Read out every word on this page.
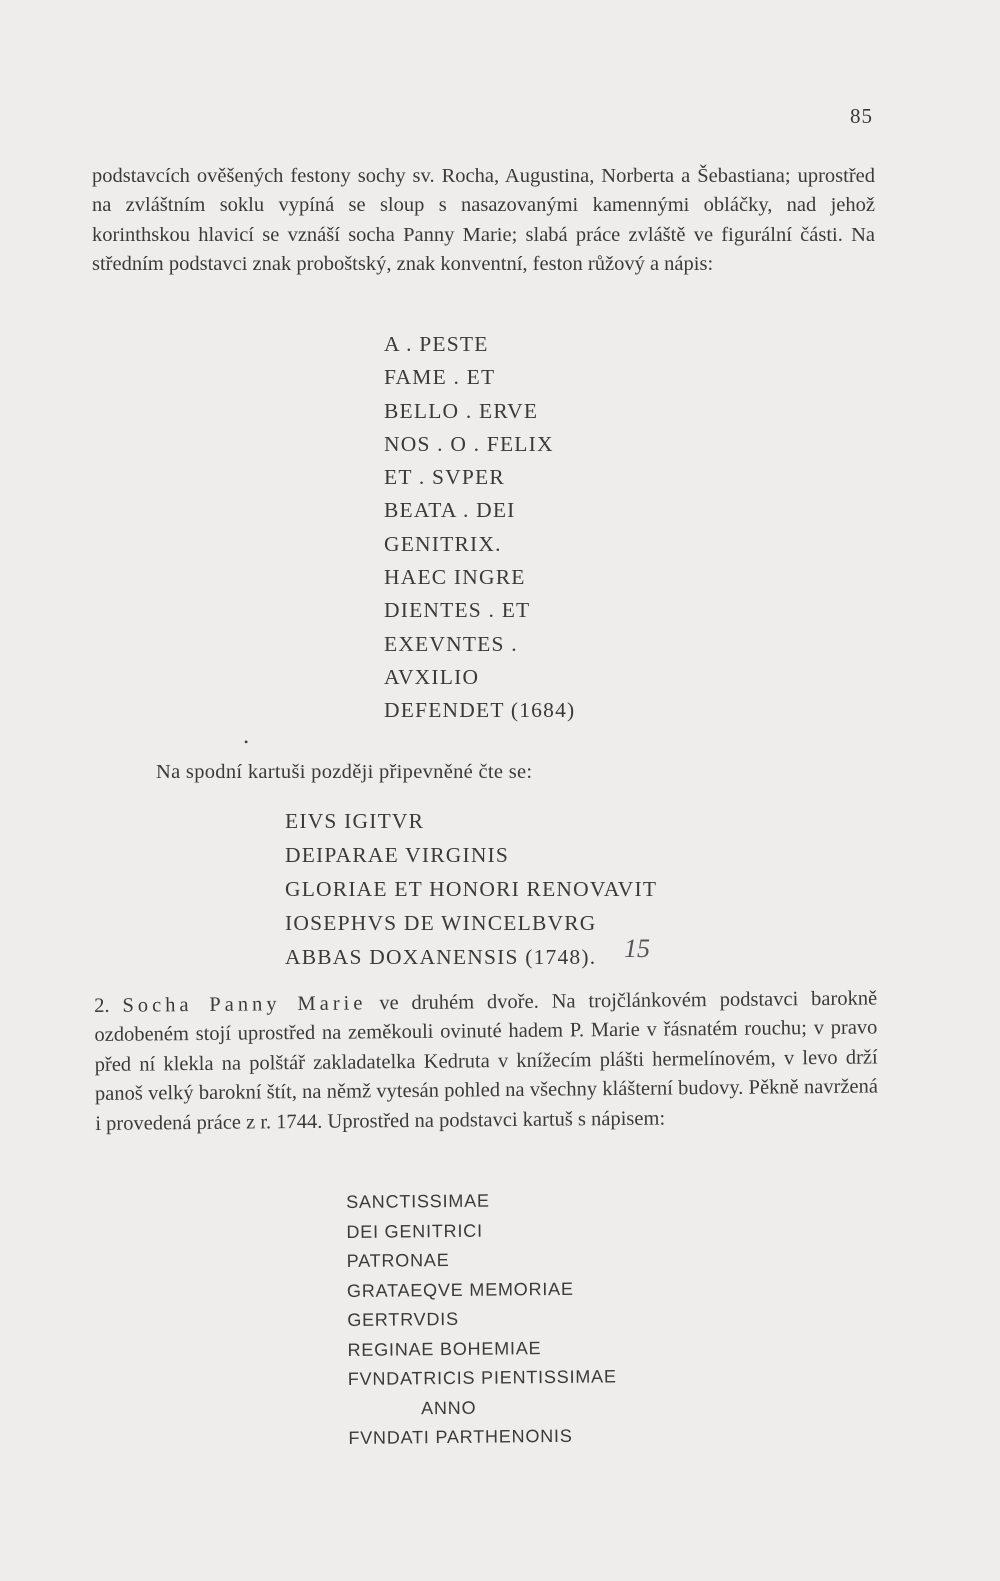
85

podstavcích ověšených festony sochy sv. Rocha, Augustina, Norberta a Šebastiana; uprostřed na zvláštním soklu vypíná se sloup s nasazovanými kamennými obláčky, nad jehož korinthskou hlavicí se vznáší socha Panny Marie; slabá práce zvláště ve figurální části. Na středním podstavci znak proboštský, znak konventní, feston růžový a nápis:

A . PESTE
FAME . ET
BELLO . ERVE
NOS . O . FELIX
ET . SVPER
BEATA . DEI
GENITRIX.
HAEC INGRE
DIENTES . ET
EXEVNTES .
AVXILIO
DEFENDET (1684)
•
Na spodní kartuši později připevněné čte se:
EIVS IGITVR
DEIPARAE VIRGINIS
GLORIAE ET HONORI RENOVAVIT
IOSEPHVS DE WINCELBVRG
ABBAS DOXANENSIS (1748).	15

2. Socha Panny Marie ve druhém dvoře. Na trojčlánkovém podstavci barokně ozdobeném stojí uprostřed na zeměkouli ovinuté hadem P. Marie v řásnatém rouchu; v pravo před ní klekla na polštář zakladatelka Kedruta v knížecím plášti hermelínovém, v levo drží panoš velký barokní štít, na němž vytesán pohled na všechny klášterní budovy. Pěkně navržená i provedená práce z r. 1744. Uprostřed na podstavci kartuš s nápisem:

SANCTISSIMAE
DEI GENITRICI
PATRONAE
GRATAEQVE MEMORIAE
GERTRVDIS
REGINAE BOHEMIAE
FVNDATRICIS PIENTISSIMAE
ANNO
FVNDATI PARTHENONIS
